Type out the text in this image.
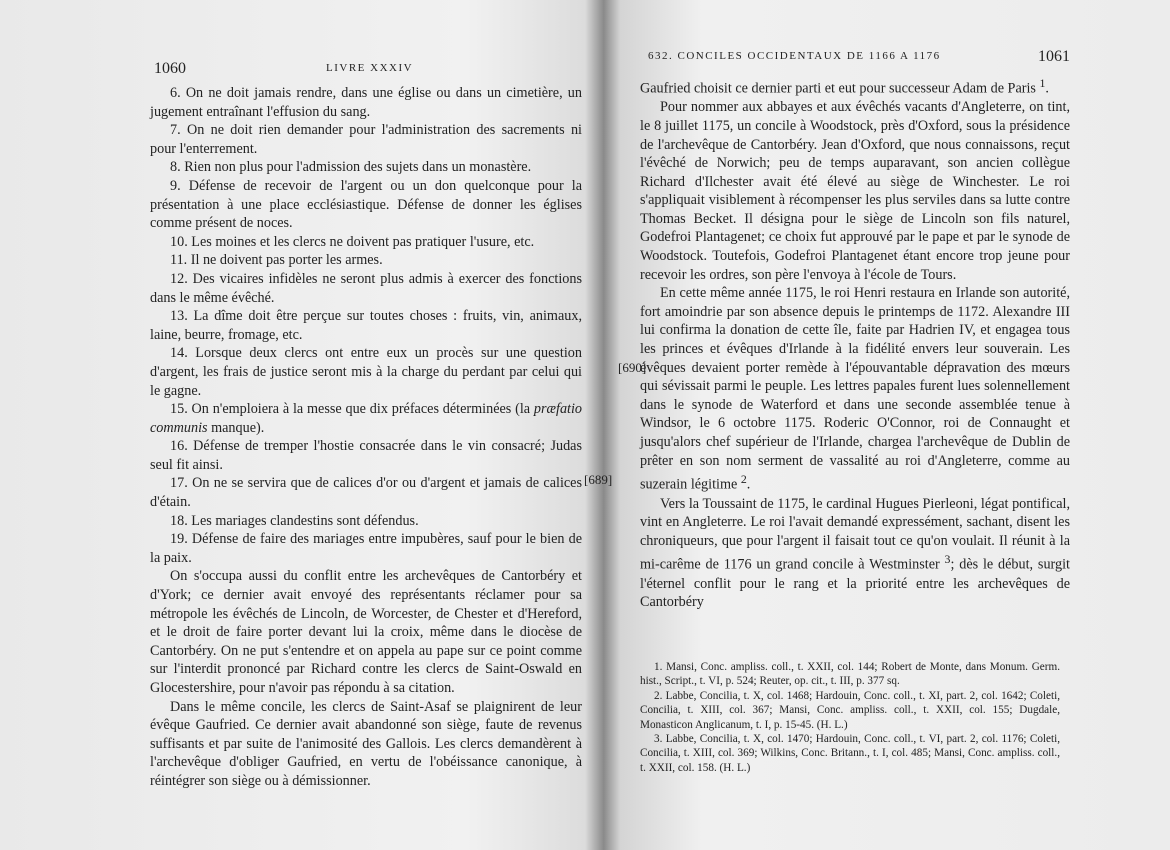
1060	LIVRE XXXIV

6. On ne doit jamais rendre, dans une église ou dans un cimetière, un jugement entraînant l'effusion du sang.

7. On ne doit rien demander pour l'administration des sacrements ni pour l'enterrement.

8. Rien non plus pour l'admission des sujets dans un monastère.

9. Défense de recevoir de l'argent ou un don quelconque pour la présentation à une place ecclésiastique. Défense de donner les églises comme présent de noces.

10. Les moines et les clercs ne doivent pas pratiquer l'usure, etc.

11. Il ne doivent pas porter les armes.

12. Des vicaires infidèles ne seront plus admis à exercer des fonctions dans le même évêché.

13. La dîme doit être perçue sur toutes choses : fruits, vin, animaux, laine, beurre, fromage, etc.

14. Lorsque deux clercs ont entre eux un procès sur une question d'argent, les frais de justice seront mis à la charge du perdant par celui qui le gagne.

15. On n'emploiera à la messe que dix préfaces déterminées (la præfatio communis manque).

16. Défense de tremper l'hostie consacrée dans le vin consacré; Judas seul fit ainsi.

17. On ne se servira que de calices d'or ou d'argent et jamais de calices d'étain.

18. Les mariages clandestins sont défendus.

19. Défense de faire des mariages entre impubères, sauf pour le bien de la paix.

On s'occupa aussi du conflit entre les archevêques de Cantorbéry et d'York; ce dernier avait envoyé des représentants réclamer pour sa métropole les évêchés de Lincoln, de Worcester, de Chester et d'Hereford, et le droit de faire porter devant lui la croix, même dans le diocèse de Cantorbéry. On ne put s'entendre et on appela au pape sur ce point comme sur l'interdit prononcé par Richard contre les clercs de Saint-Oswald en Glocestershire, pour n'avoir pas répondu à sa citation.

Dans le même concile, les clercs de Saint-Asaf se plaignirent de leur évêque Gaufried. Ce dernier avait abandonné son siège, faute de revenus suffisants et par suite de l'animosité des Gallois. Les clercs demandèrent à l'archevêque d'obliger Gaufried, en vertu de l'obéissance canonique, à réintégrer son siège ou à démissionner.

[689]
[690]
632. CONCILES OCCIDENTAUX DE 1166 A 1176	1061

Gaufried choisit ce dernier parti et eut pour successeur Adam de Paris $^1$.

Pour nommer aux abbayes et aux évêchés vacants d'Angleterre, on tint, le 8 juillet 1175, un concile à Woodstock, près d'Oxford, sous la présidence de l'archevêque de Cantorbéry. Jean d'Oxford, que nous connaissons, reçut l'évêché de Norwich; peu de temps auparavant, son ancien collègue Richard d'Ilchester avait été élevé au siège de Winchester. Le roi s'appliquait visiblement à récompenser les plus serviles dans sa lutte contre Thomas Becket. Il désigna pour le siège de Lincoln son fils naturel, Godefroi Plantagenet; ce choix fut approuvé par le pape et par le synode de Woodstock. Toutefois, Godefroi Plantagenet étant encore trop jeune pour recevoir les ordres, son père l'envoya à l'école de Tours.

En cette même année 1175, le roi Henri restaura en Irlande son autorité, fort amoindrie par son absence depuis le printemps de 1172. Alexandre III lui confirma la donation de cette île, faite par Hadrien IV, et engagea tous les princes et évêques d'Irlande à la fidélité envers leur souverain. Les évêques devaient porter remède à l'épouvantable dépravation des mœurs qui sévissait parmi le peuple. Les lettres papales furent lues solennellement dans le synode de Waterford et dans une seconde assemblée tenue à Windsor, le 6 octobre 1175. Roderic O'Connor, roi de Connaught et jusqu'alors chef supérieur de l'Irlande, chargea l'archevêque de Dublin de prêter en son nom serment de vassalité au roi d'Angleterre, comme au suzerain légitime $^2$.

Vers la Toussaint de 1175, le cardinal Hugues Pierleoni, légat pontifical, vint en Angleterre. Le roi l'avait demandé expressément, sachant, disent les chroniqueurs, que pour l'argent il faisait tout ce qu'on voulait. Il réunit à la mi-carême de 1176 un grand concile à Westminster $^3$; dès le début, surgit l'éternel conflit pour le rang et la priorité entre les archevêques de Cantorbéry

1. Mansi, Conc. ampliss. coll., t. XXII, col. 144; Robert de Monte, dans Monum. Germ. hist., Script., t. VI, p. 524; Reuter, op. cit., t. III, p. 377 sq.

2. Labbe, Concilia, t. X, col. 1468; Hardouin, Conc. coll., t. XI, part. 2, col. 1642; Coleti, Concilia, t. XIII, col. 367; Mansi, Conc. ampliss. coll., t. XXII, col. 155; Dugdale, Monasticon Anglicanum, t. I, p. 15-45. (H. L.)

3. Labbe, Concilia, t. X, col. 1470; Hardouin, Conc. coll., t. VI, part. 2, col. 1176; Coleti, Concilia, t. XIII, col. 369; Wilkins, Conc. Britann., t. I, col. 485; Mansi, Conc. ampliss. coll., t. XXII, col. 158. (H. L.)
